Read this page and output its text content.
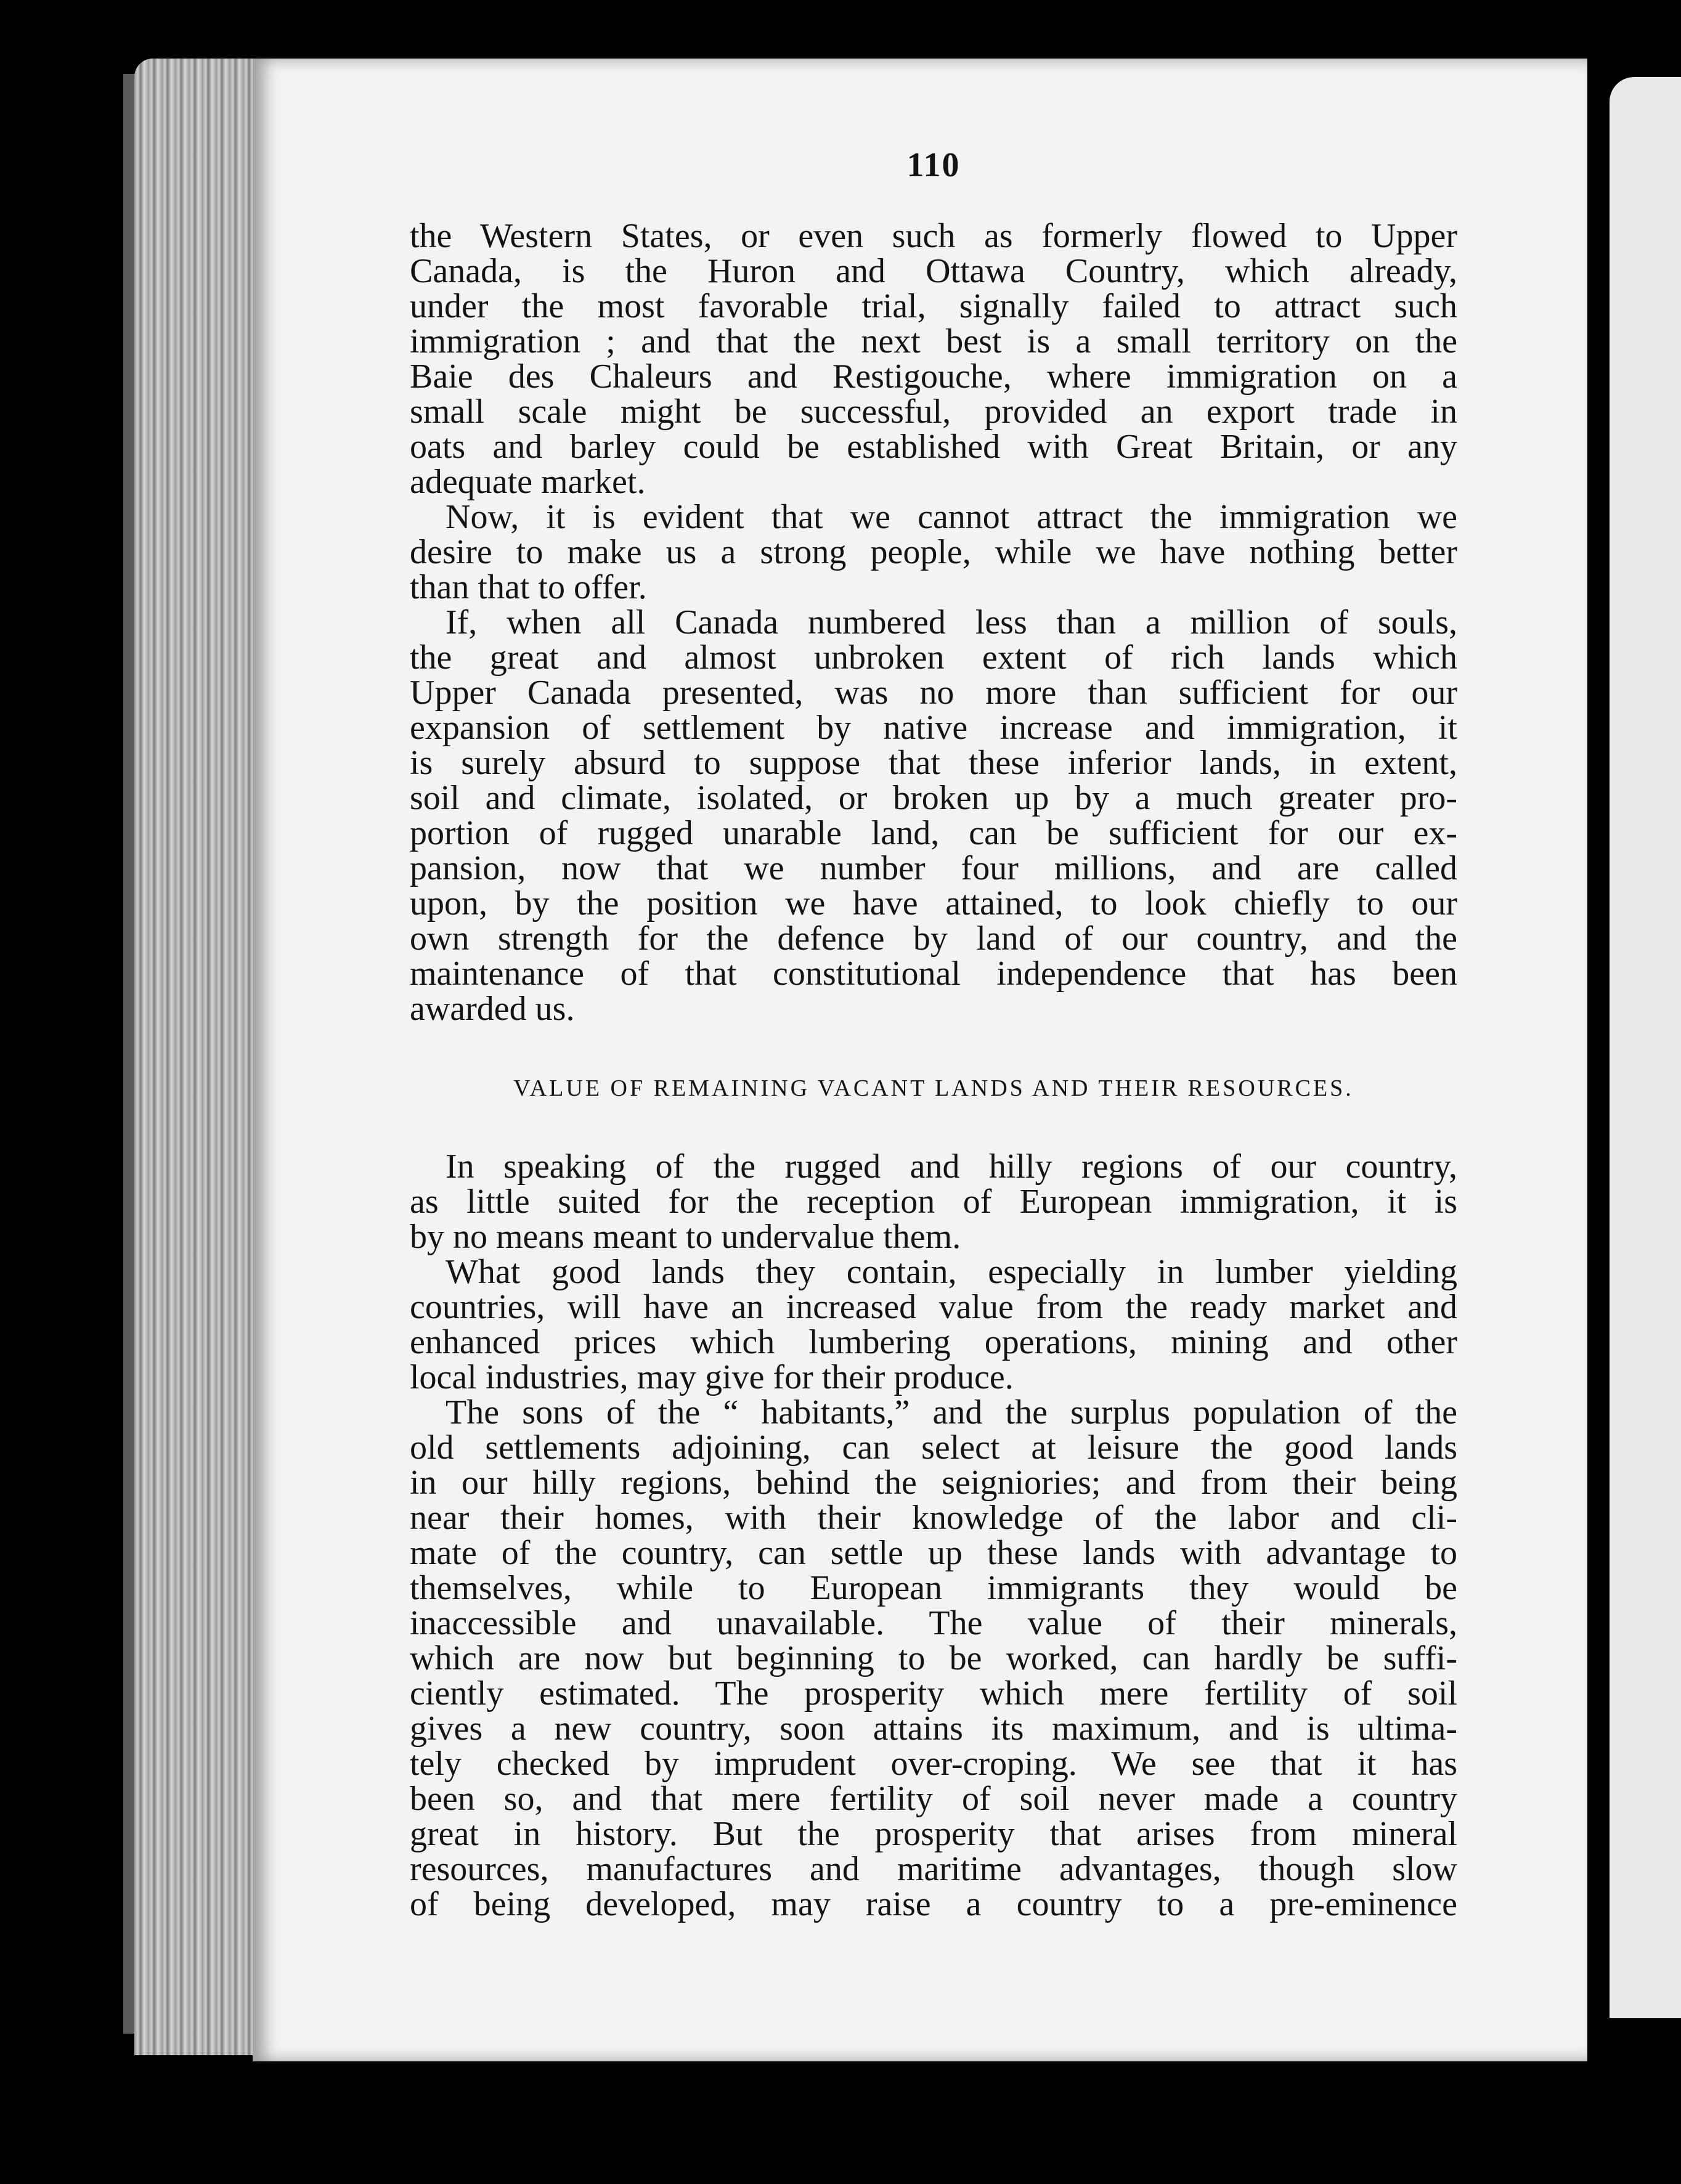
110
the Western States, or even such as formerly flowed to Upper
Canada, is the Huron and Ottawa Country, which already,
under the most favorable trial, signally failed to attract such
immigration ; and that the next best is a small territory on the
Baie des Chaleurs and Restigouche, where immigration on a
small scale might be successful, provided an export trade in
oats and barley could be established with Great Britain, or any
adequate market.
Now, it is evident that we cannot attract the immigration we
desire to make us a strong people, while we have nothing better
than that to offer.
If, when all Canada numbered less than a million of souls,
the great and almost unbroken extent of rich lands which
Upper Canada presented, was no more than sufficient for our
expansion of settlement by native increase and immigration, it
is surely absurd to suppose that these inferior lands, in extent,
soil and climate, isolated, or broken up by a much greater pro-
portion of rugged unarable land, can be sufficient for our ex-
pansion, now that we number four millions, and are called
upon, by the position we have attained, to look chiefly to our
own strength for the defence by land of our country, and the
maintenance of that constitutional independence that has been
awarded us.
VALUE OF REMAINING VACANT LANDS AND THEIR RESOURCES.
In speaking of the rugged and hilly regions of our country,
as little suited for the reception of European immigration, it is
by no means meant to undervalue them.
What good lands they contain, especially in lumber yielding
countries, will have an increased value from the ready market and
enhanced prices which lumbering operations, mining and other
local industries, may give for their produce.
The sons of the “ habitants,” and the surplus population of the
old settlements adjoining, can select at leisure the good lands
in our hilly regions, behind the seigniories; and from their being
near their homes, with their knowledge of the labor and cli-
mate of the country, can settle up these lands with advantage to
themselves, while to European immigrants they would be
inaccessible and unavailable. The value of their minerals,
which are now but beginning to be worked, can hardly be suffi-
ciently estimated. The prosperity which mere fertility of soil
gives a new country, soon attains its maximum, and is ultima-
tely checked by imprudent over-croping. We see that it has
been so, and that mere fertility of soil never made a country
great in history. But the prosperity that arises from mineral
resources, manufactures and maritime advantages, though slow
of being developed, may raise a country to a pre-eminence
